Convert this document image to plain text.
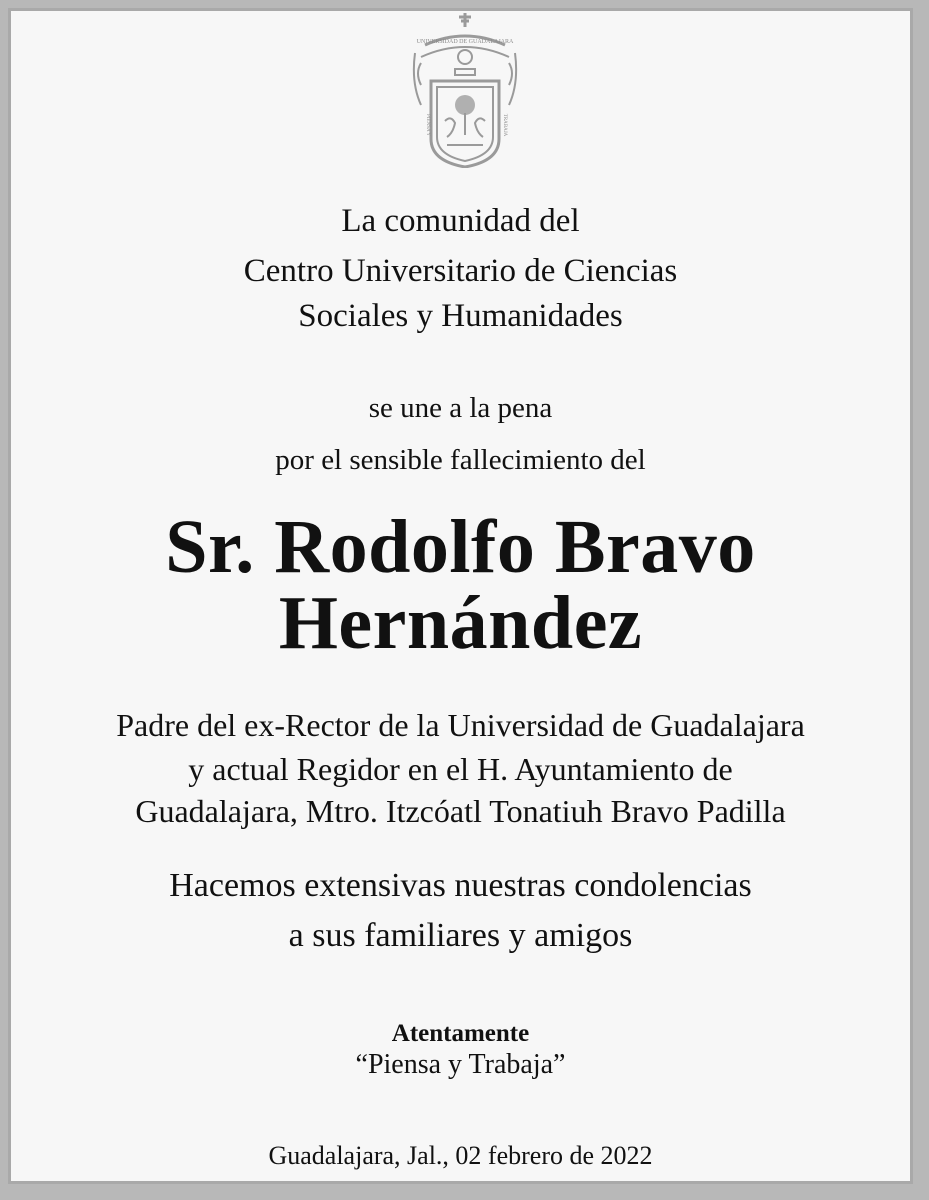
UNIVERSIDAD DE GUADALAJARA
PIENSA Y	TRABAJA
La comunidad del
Centro Universitario de Ciencias
Sociales y Humanidades
se une a la pena
por el sensible fallecimiento del
Sr. Rodolfo Bravo
Hernández
Padre del ex-Rector de la Universidad de Guadalajara
y actual Regidor en el H. Ayuntamiento de
Guadalajara, Mtro. Itzcóatl Tonatiuh Bravo Padilla
Hacemos extensivas nuestras condolencias
a sus familiares y amigos
Atentamente
“Piensa y Trabaja”
Guadalajara, Jal., 02 febrero de 2022
